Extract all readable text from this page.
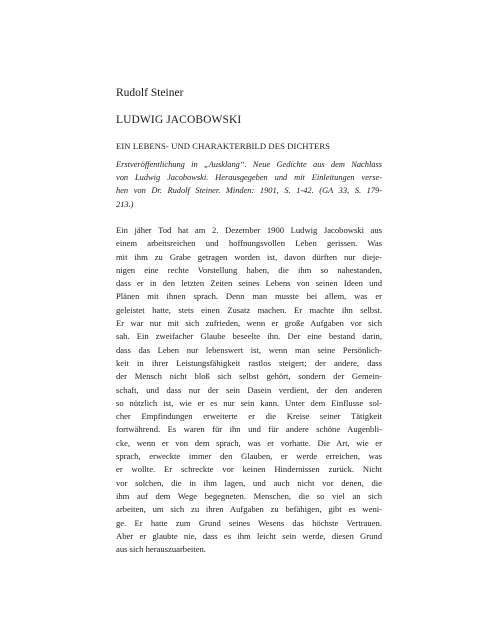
Rudolf Steiner
LUDWIG JACOBOWSKI
EIN LEBENS- UND CHARAKTERBILD DES DICHTERS

Erstveröffentlichung in „Ausklang“. Neue Gedichte aus dem Nachlass
von Ludwig Jacobowski. Herausgegeben und mit Einleitungen verse-
hen von Dr. Rudolf Steiner. Minden: 1901, S. 1-42. (GA 33, S. 179-
213.)

Ein jäher Tod hat am 2. Dezember 1900 Ludwig Jacobowski aus
einem arbeitsreichen und hoffnungsvollen Leben gerissen. Was
mit ihm zu Grabe getragen worden ist, davon dürften nur dieje-
nigen eine rechte Vorstellung haben, die ihm so nahestanden,
dass er in den letzten Zeiten seines Lebens von seinen Ideen und
Plänen mit ihnen sprach. Denn man musste bei allem, was er
geleistet hatte, stets einen Zusatz machen. Er machte ihn selbst.
Er war nur mit sich zufrieden, wenn er große Aufgaben vor sich
sah. Ein zweifacher Glaube beseelte ihn. Der eine bestand darin,
dass das Leben nur lebenswert ist, wenn man seine Persönlich-
keit in ihrer Leistungsfähigkeit rastlos steigert; der andere, dass
der Mensch nicht bloß sich selbst gehört, sondern der Gemein-
schaft, und dass nur der sein Dasein verdient, der den anderen
so nützlich ist, wie er es nur sein kann. Unter dem Einflusse sol-
cher Empfindungen erweiterte er die Kreise seiner Tätigkeit
fortwährend. Es waren für ihn und für andere schöne Augenbli-
cke, wenn er von dem sprach, was er vorhatte. Die Art, wie er
sprach, erweckte immer den Glauben, er werde erreichen, was
er wollte. Er schreckte vor keinen Hindernissen zurück. Nicht
vor solchen, die in ihm lagen, und auch nicht vor denen, die
ihm auf dem Wege begegneten. Menschen, die so viel an sich
arbeiten, um sich zu ihren Aufgaben zu befähigen, gibt es weni-
ge. Er hatte zum Grund seines Wesens das höchste Vertrauen.
Aber er glaubte nie, dass es ihm leicht sein werde, diesen Grund
aus sich herauszuarbeiten.
